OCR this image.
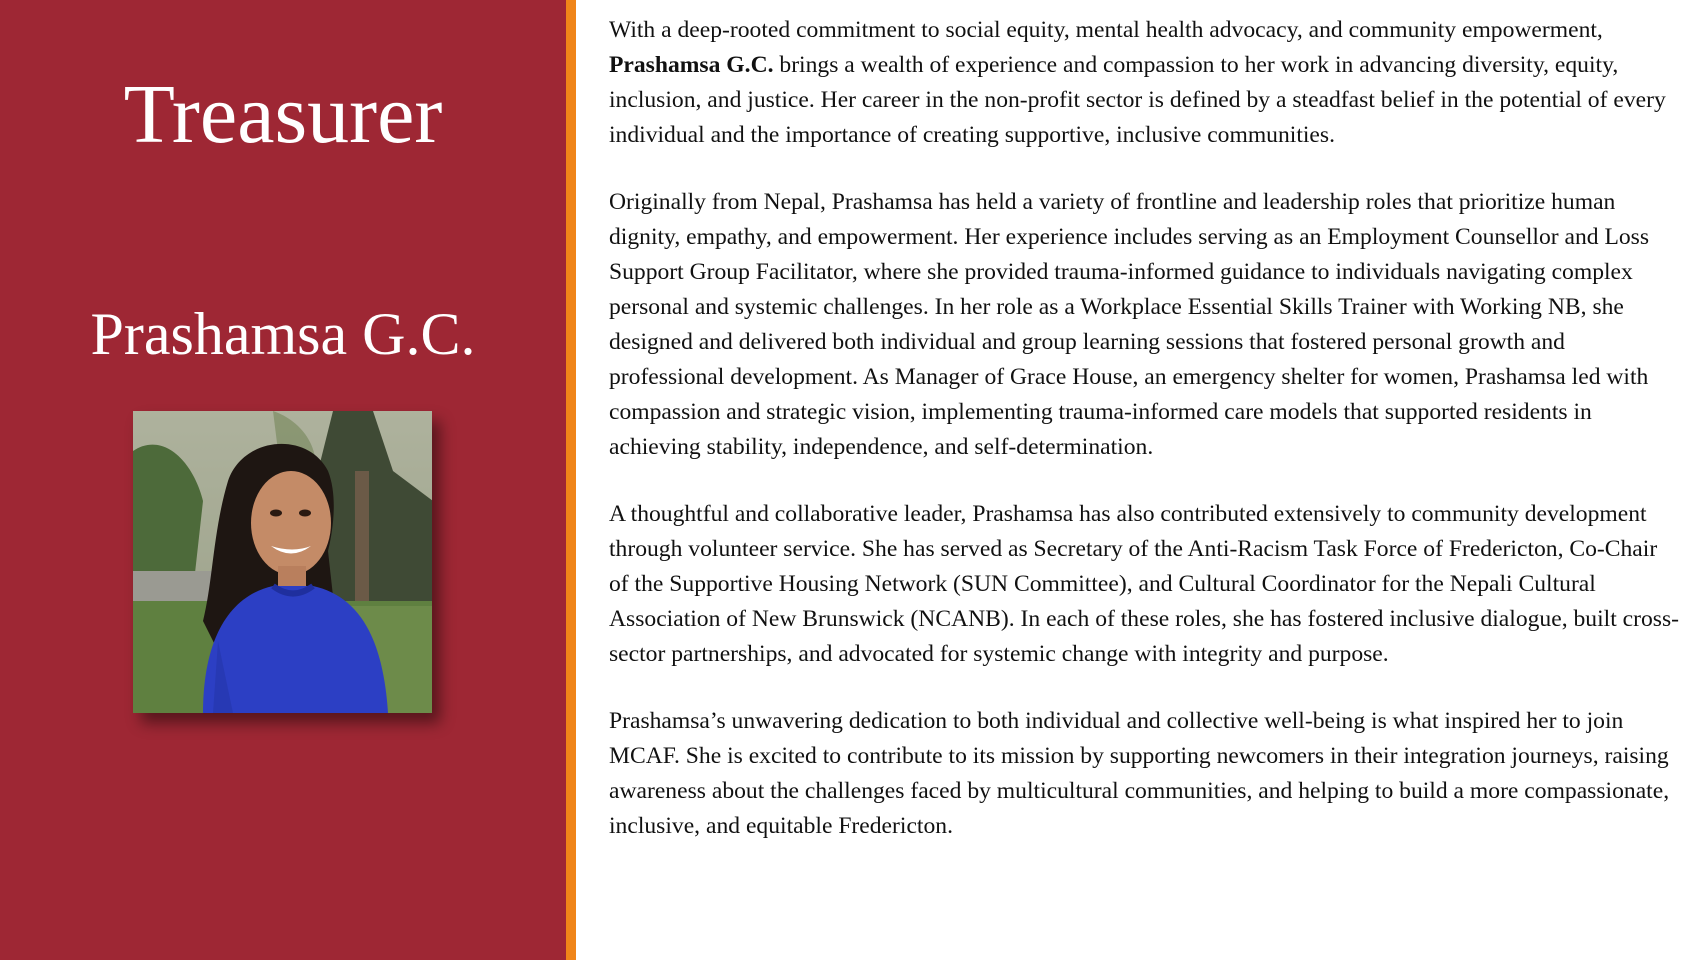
Treasurer
Prashamsa G.C.

With a deep-rooted commitment to social equity, mental health advocacy, and community empowerment, Prashamsa G.C. brings a wealth of experience and compassion to her work in advancing diversity, equity, inclusion, and justice. Her career in the non-profit sector is defined by a steadfast belief in the potential of every individual and the importance of creating supportive, inclusive communities.

Originally from Nepal, Prashamsa has held a variety of frontline and leadership roles that prioritize human dignity, empathy, and empowerment. Her experience includes serving as an Employment Counsellor and Loss Support Group Facilitator, where she provided trauma-informed guidance to individuals navigating complex personal and systemic challenges. In her role as a Workplace Essential Skills Trainer with Working NB, she designed and delivered both individual and group learning sessions that fostered personal growth and professional development. As Manager of Grace House, an emergency shelter for women, Prashamsa led with compassion and strategic vision, implementing trauma-informed care models that supported residents in achieving stability, independence, and self-determination.

A thoughtful and collaborative leader, Prashamsa has also contributed extensively to community development through volunteer service. She has served as Secretary of the Anti-Racism Task Force of Fredericton, Co-Chair of the Supportive Housing Network (SUN Committee), and Cultural Coordinator for the Nepali Cultural Association of New Brunswick (NCANB). In each of these roles, she has fostered inclusive dialogue, built cross-sector partnerships, and advocated for systemic change with integrity and purpose.

Prashamsa’s unwavering dedication to both individual and collective well-being is what inspired her to join MCAF. She is excited to contribute to its mission by supporting newcomers in their integration journeys, raising awareness about the challenges faced by multicultural communities, and helping to build a more compassionate, inclusive, and equitable Fredericton.
